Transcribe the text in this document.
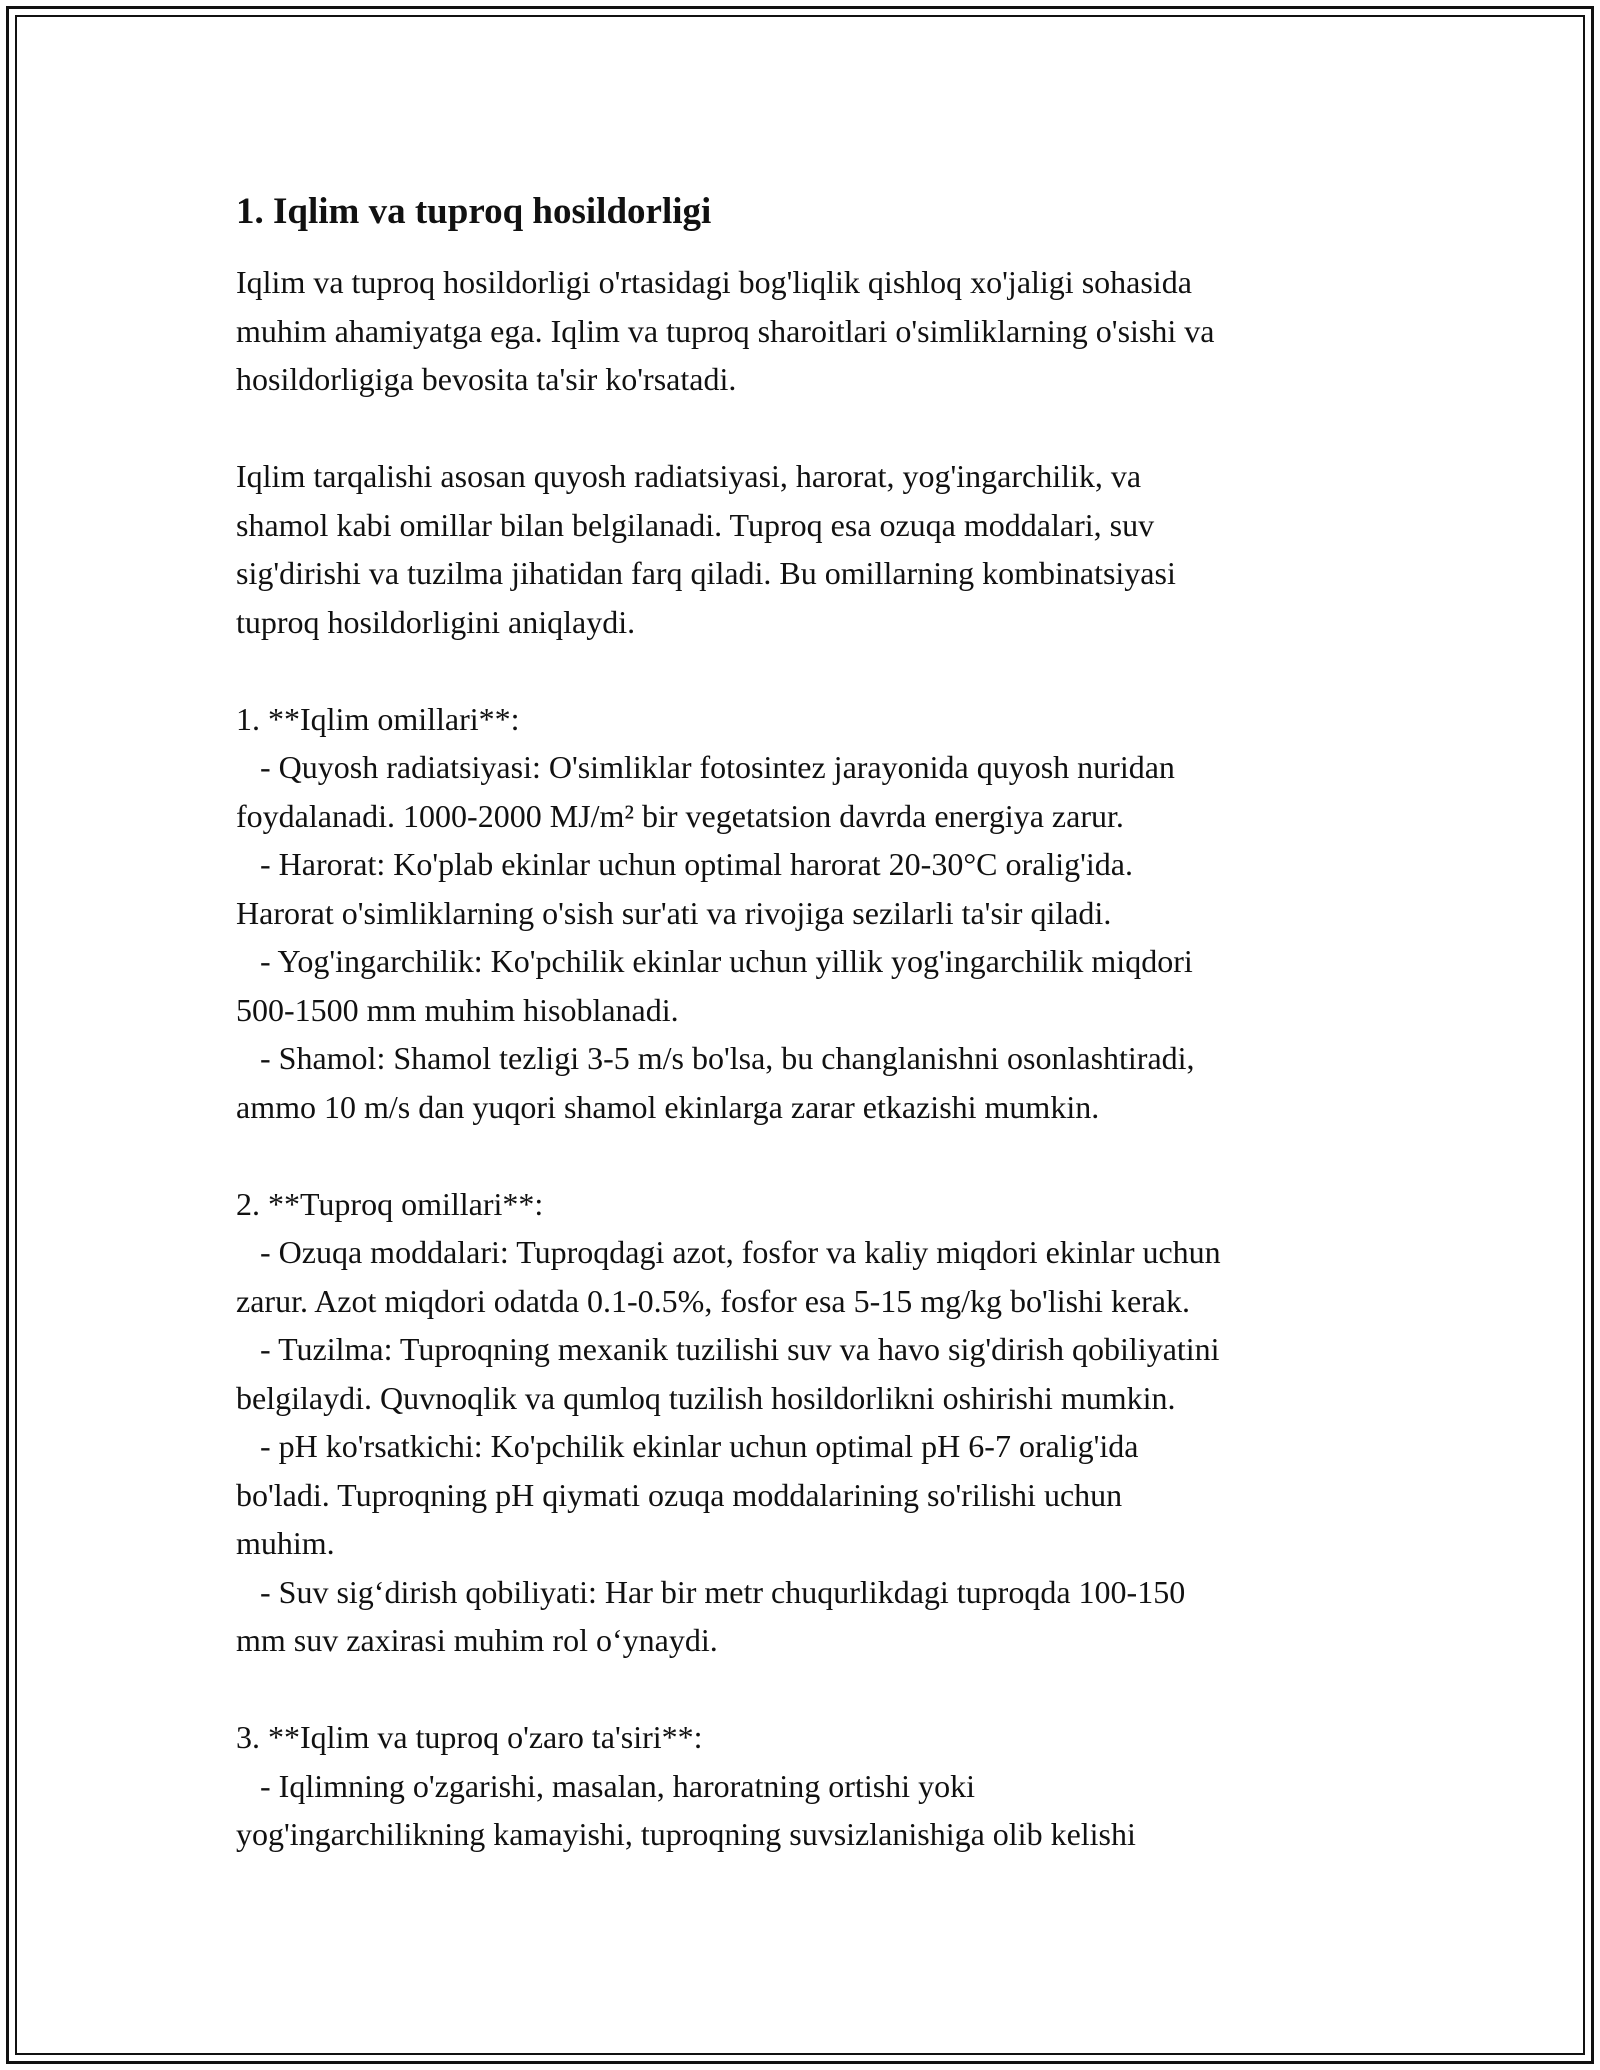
1. Iqlim va tuproq hosildorligi
Iqlim va tuproq hosildorligi o'rtasidagi bog'liqlik qishloq xo'jaligi sohasida
muhim ahamiyatga ega. Iqlim va tuproq sharoitlari o'simliklarning o'sishi va
hosildorligiga bevosita ta'sir ko'rsatadi.
Iqlim tarqalishi asosan quyosh radiatsiyasi, harorat, yog'ingarchilik, va
shamol kabi omillar bilan belgilanadi. Tuproq esa ozuqa moddalari, suv
sig'dirishi va tuzilma jihatidan farq qiladi. Bu omillarning kombinatsiyasi
tuproq hosildorligini aniqlaydi.
1. **Iqlim omillari**:
- Quyosh radiatsiyasi: O'simliklar fotosintez jarayonida quyosh nuridan
foydalanadi. 1000-2000 MJ/m² bir vegetatsion davrda energiya zarur.
- Harorat: Ko'plab ekinlar uchun optimal harorat 20-30°C oralig'ida.
Harorat o'simliklarning o'sish sur'ati va rivojiga sezilarli ta'sir qiladi.
- Yog'ingarchilik: Ko'pchilik ekinlar uchun yillik yog'ingarchilik miqdori
500-1500 mm muhim hisoblanadi.
- Shamol: Shamol tezligi 3-5 m/s bo'lsa, bu changlanishni osonlashtiradi,
ammo 10 m/s dan yuqori shamol ekinlarga zarar etkazishi mumkin.
2. **Tuproq omillari**:
- Ozuqa moddalari: Tuproqdagi azot, fosfor va kaliy miqdori ekinlar uchun
zarur. Azot miqdori odatda 0.1-0.5%, fosfor esa 5-15 mg/kg bo'lishi kerak.
- Tuzilma: Tuproqning mexanik tuzilishi suv va havo sig'dirish qobiliyatini
belgilaydi. Quvnoqlik va qumloq tuzilish hosildorlikni oshirishi mumkin.
- pH ko'rsatkichi: Ko'pchilik ekinlar uchun optimal pH 6-7 oralig'ida
bo'ladi. Tuproqning pH qiymati ozuqa moddalarining so'rilishi uchun
muhim.
- Suv sig‘dirish qobiliyati: Har bir metr chuqurlikdagi tuproqda 100-150
mm suv zaxirasi muhim rol o‘ynaydi.
3. **Iqlim va tuproq o'zaro ta'siri**:
- Iqlimning o'zgarishi, masalan, haroratning ortishi yoki
yog'ingarchilikning kamayishi, tuproqning suvsizlanishiga olib kelishi
